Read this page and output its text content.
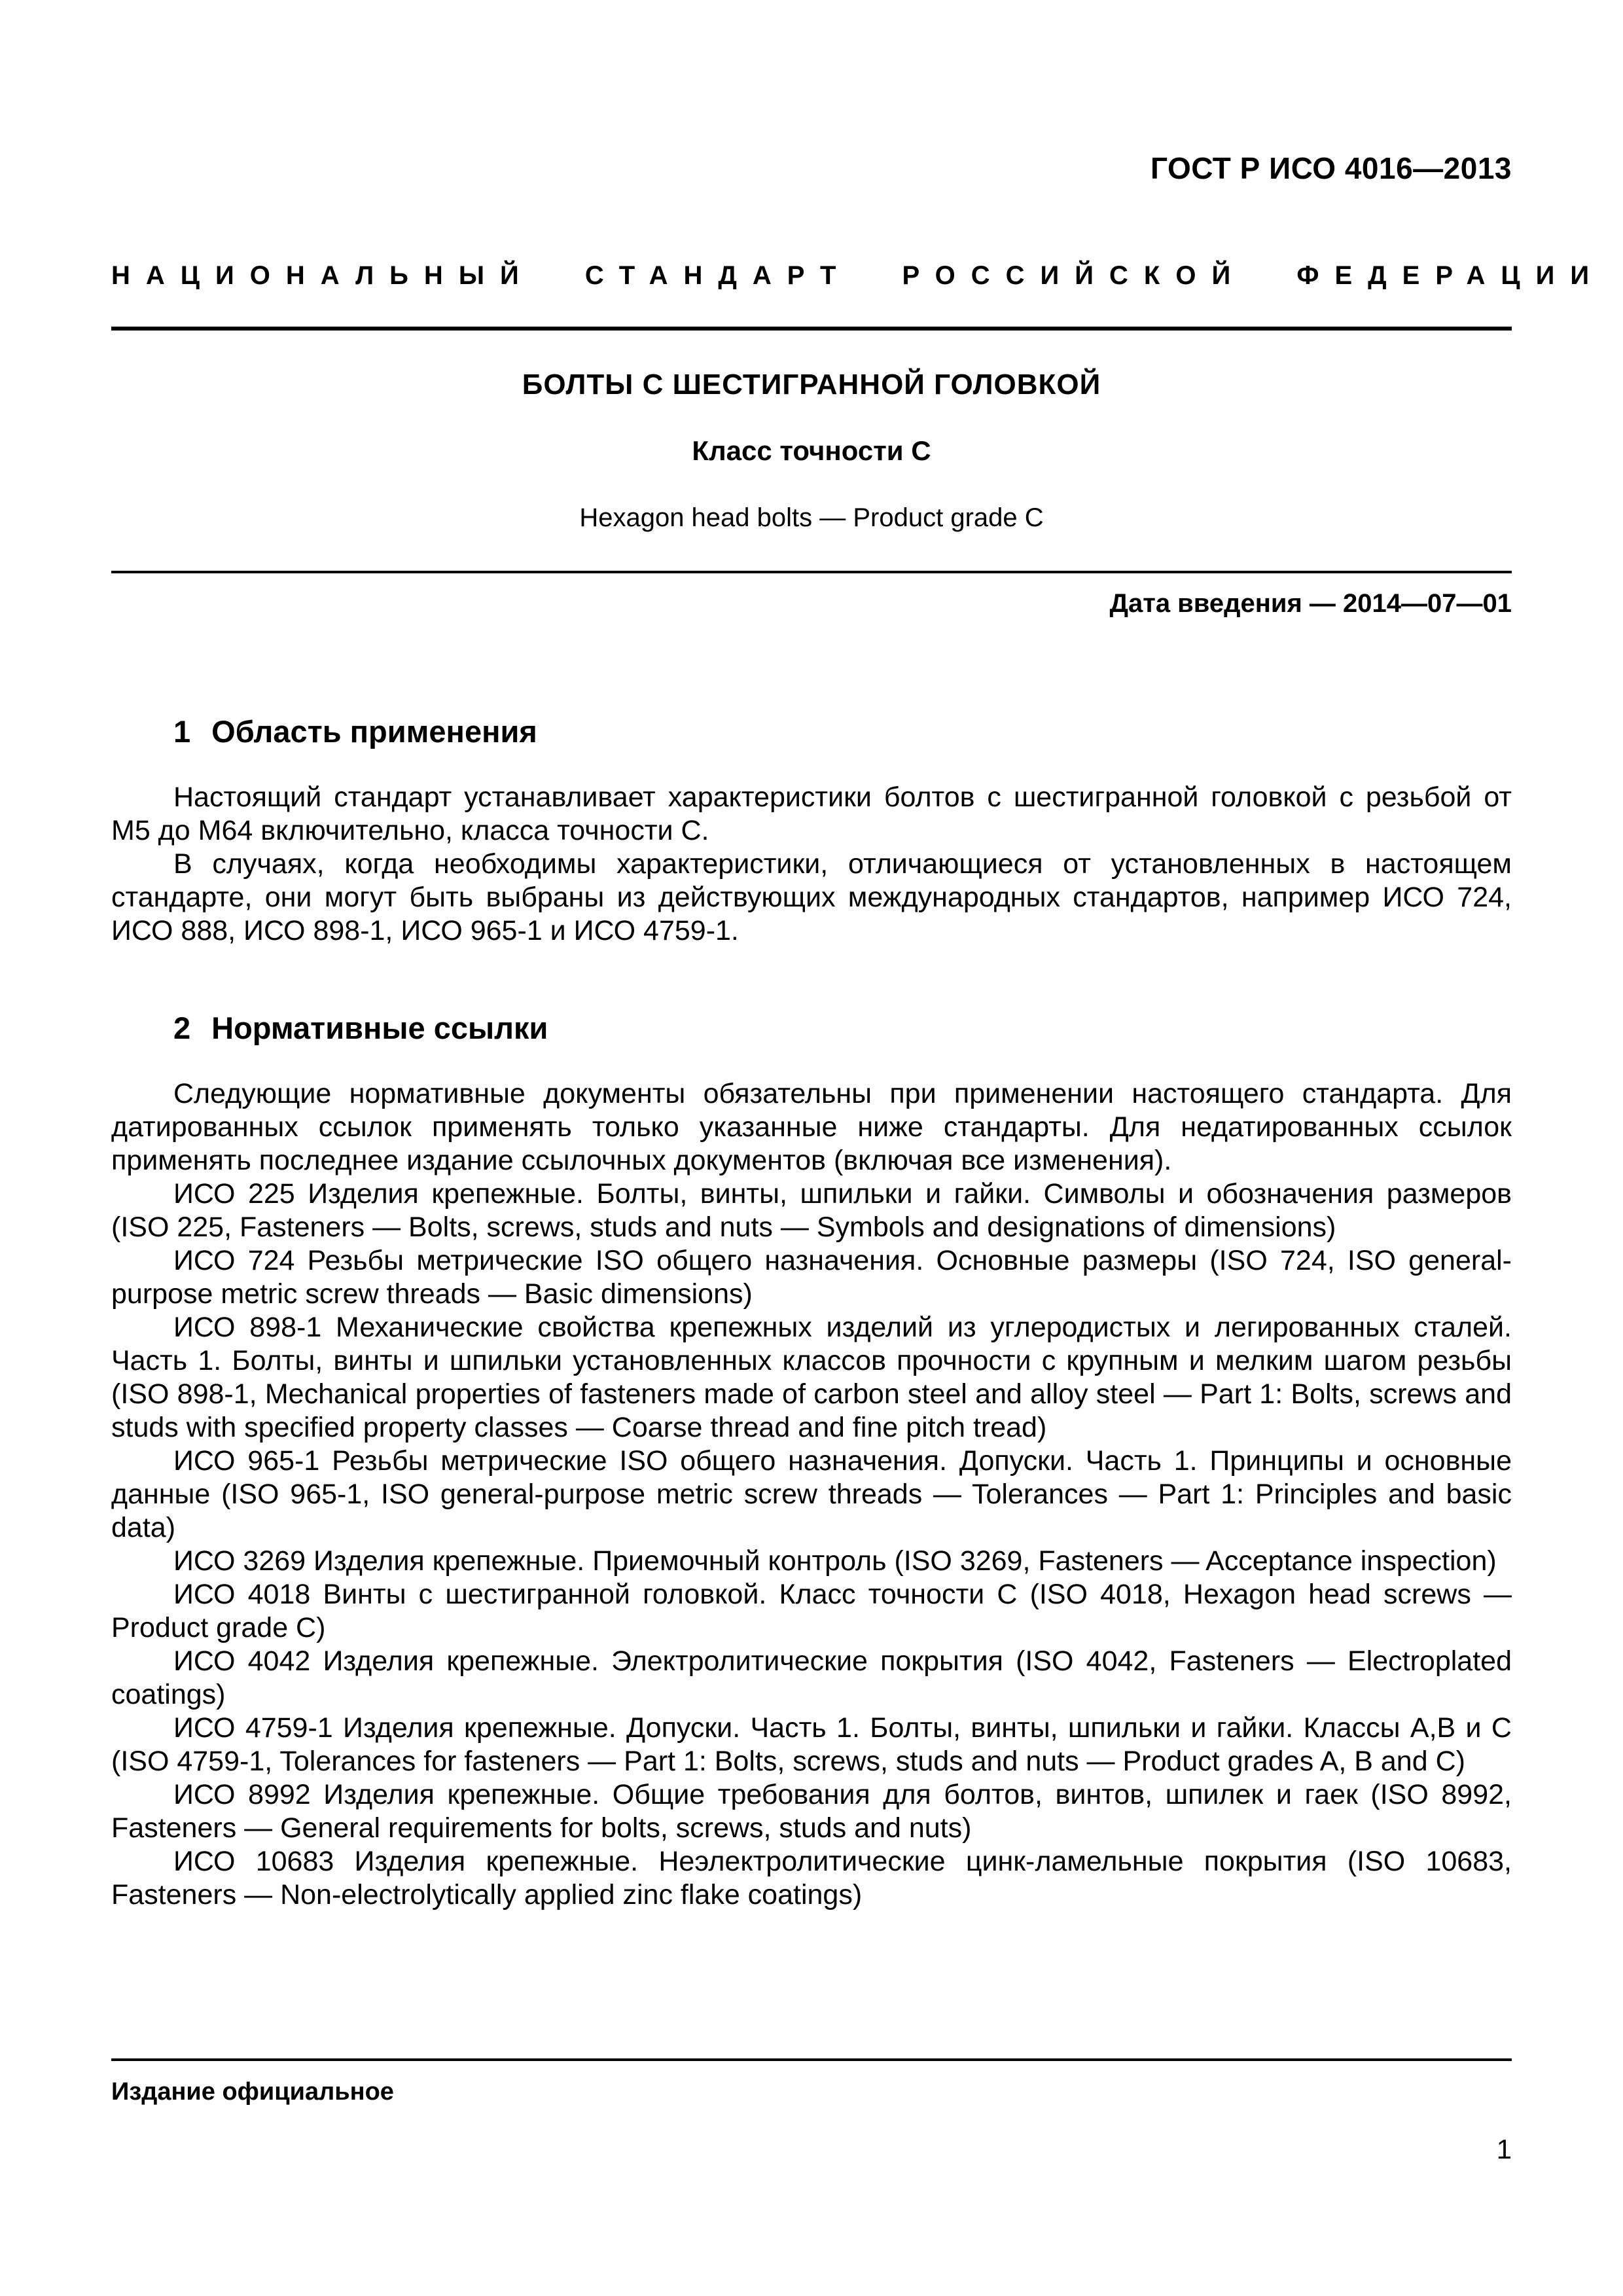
ГОСТ Р ИСО 4016—2013
НАЦИОНАЛЬНЫЙ СТАНДАРТ РОССИЙСКОЙ ФЕДЕРАЦИИ
БОЛТЫ С ШЕСТИГРАННОЙ ГОЛОВКОЙ
Класс точности С
Hexagon head bolts — Product grade C
Дата введения — 2014—07—01
1 Область применения

Настоящий стандарт устанавливает характеристики болтов с шестигранной головкой с резьбой от М5 до М64 включительно, класса точности С.

В случаях, когда необходимы характеристики, отличающиеся от установленных в настоящем стандарте, они могут быть выбраны из действующих международных стандартов, например ИСО 724, ИСО 888, ИСО 898-1, ИСО 965-1 и ИСО 4759-1.

2 Нормативные ссылки

Следующие нормативные документы обязательны при применении настоящего стандарта. Для датированных ссылок применять только указанные ниже стандарты. Для недатированных ссылок применять последнее издание ссылочных документов (включая все изменения).

ИСО 225 Изделия крепежные. Болты, винты, шпильки и гайки. Символы и обозначения размеров (ISO 225, Fasteners — Bolts, screws, studs and nuts — Symbols and designations of dimensions)

ИСО 724 Резьбы метрические ISO общего назначения. Основные размеры (ISO 724, ISO general-purpose metric screw threads — Basic dimensions)

ИСО 898-1 Механические свойства крепежных изделий из углеродистых и легированных сталей. Часть 1. Болты, винты и шпильки установленных классов прочности с крупным и мелким шагом резьбы (ISO 898-1, Mechanical properties of fasteners made of carbon steel and alloy steel — Part 1: Bolts, screws and studs with specified property classes — Coarse thread and fine pitch tread)

ИСО 965-1 Резьбы метрические ISO общего назначения. Допуски. Часть 1. Принципы и основные данные (ISO 965-1, ISO general-purpose metric screw threads — Tolerances — Part 1: Principles and basic data)

ИСО 3269 Изделия крепежные. Приемочный контроль (ISO 3269, Fasteners — Acceptance inspection)

ИСО 4018 Винты с шестигранной головкой. Класс точности С (ISO 4018, Hexagon head screws — Product grade C)

ИСО 4042 Изделия крепежные. Электролитические покрытия (ISO 4042, Fasteners — Electroplated coatings)

ИСО 4759-1 Изделия крепежные. Допуски. Часть 1. Болты, винты, шпильки и гайки. Классы А,В и С (ISO 4759-1, Tolerances for fasteners — Part 1: Bolts, screws, studs and nuts — Product grades A, B and C)

ИСО 8992 Изделия крепежные. Общие требования для болтов, винтов, шпилек и гаек (ISO 8992, Fasteners — General requirements for bolts, screws, studs and nuts)

ИСО 10683 Изделия крепежные. Неэлектролитические цинк-ламельные покрытия (ISO 10683, Fasteners — Non-electrolytically applied zinc flake coatings)

Издание официальное
1
